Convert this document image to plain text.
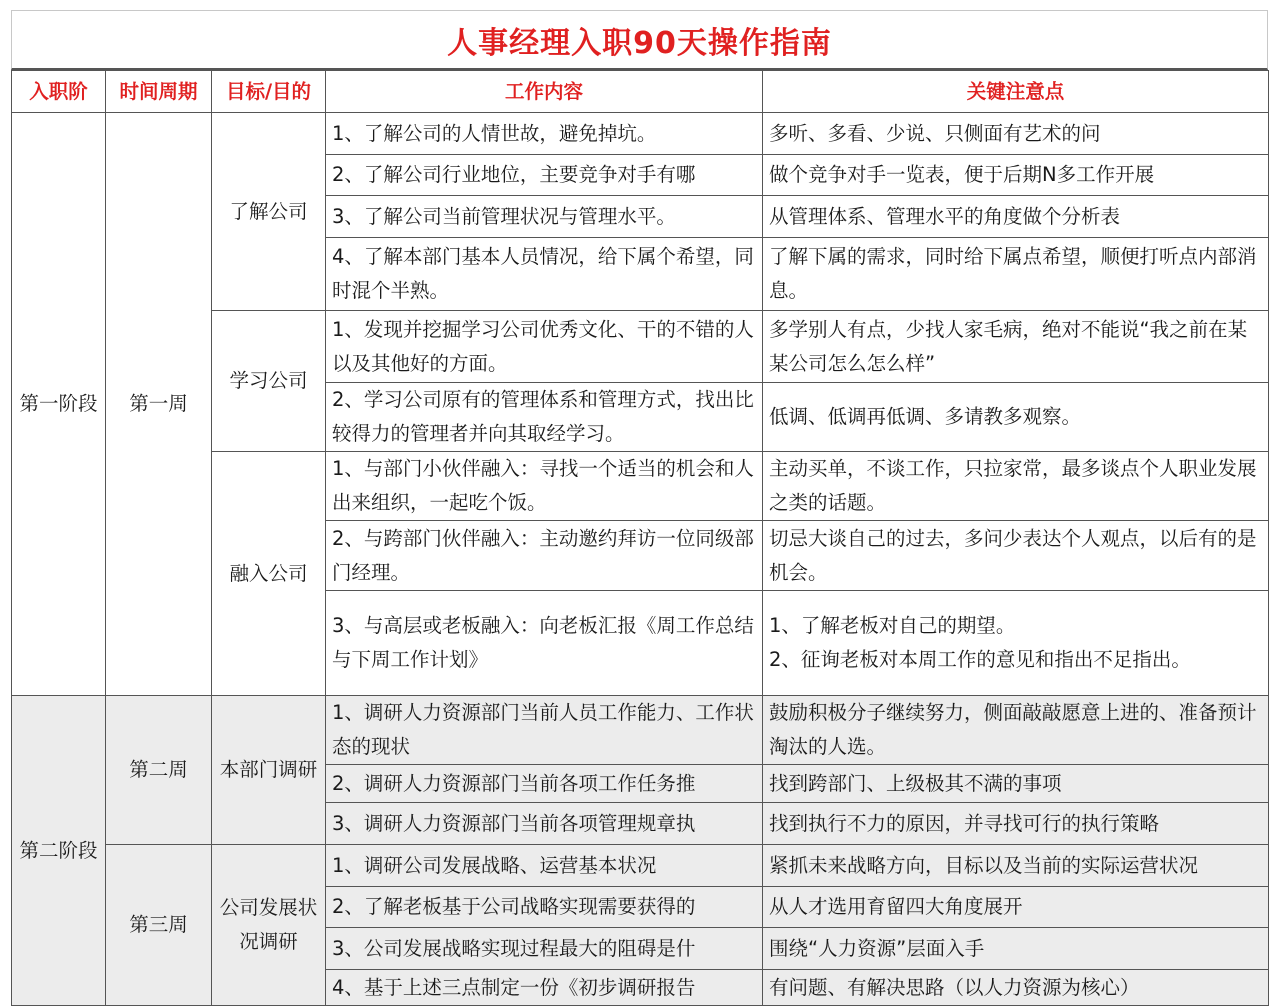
人事经理入职90天操作指南
入职阶	时间周期	目标/目的	工作内容	关键注意点
第一阶段	第一周	了解公司	1、了解公司的人情世故，避免掉坑。	多听、多看、少说、只侧面有艺术的问
			2、了解公司行业地位，主要竞争对手有哪	做个竞争对手一览表，便于后期N多工作开展
			3、了解公司当前管理状况与管理水平。	从管理体系、管理水平的角度做个分析表
			4、了解本部门基本人员情况，给下属个希望，同时混个半熟。	了解下属的需求，同时给下属点希望，顺便打听点内部消息。
		学习公司	1、发现并挖掘学习公司优秀文化、干的不错的人以及其他好的方面。	多学别人有点，少找人家毛病，绝对不能说“我之前在某某公司怎么怎么样”
			2、学习公司原有的管理体系和管理方式，找出比较得力的管理者并向其取经学习。	低调、低调再低调、多请教多观察。
		融入公司	1、与部门小伙伴融入：寻找一个适当的机会和人出来组织，一起吃个饭。	主动买单，不谈工作，只拉家常，最多谈点个人职业发展之类的话题。
			2、与跨部门伙伴融入：主动邀约拜访一位同级部门经理。	切忌大谈自己的过去，多问少表达个人观点，以后有的是机会。
			3、与高层或老板融入：向老板汇报《周工作总结与下周工作计划》	1、了解老板对自己的期望。
2、征询老板对本周工作的意见和指出不足指出。

第二阶段	第二周	本部门调研	1、调研人力资源部门当前人员工作能力、工作状态的现状	鼓励积极分子继续努力，侧面敲敲愿意上进的、准备预计淘汰的人选。
			2、调研人力资源部门当前各项工作任务推	找到跨部门、上级极其不满的事项
			3、调研人力资源部门当前各项管理规章执	找到执行不力的原因，并寻找可行的执行策略
	第三周	公司发展状况调研	1、调研公司发展战略、运营基本状况	紧抓未来战略方向，目标以及当前的实际运营状况
			2、了解老板基于公司战略实现需要获得的	从人才选用育留四大角度展开
			3、公司发展战略实现过程最大的阻碍是什	围绕“人力资源”层面入手
			4、基于上述三点制定一份《初步调研报告	有问题、有解决思路（以人力资源为核心）
